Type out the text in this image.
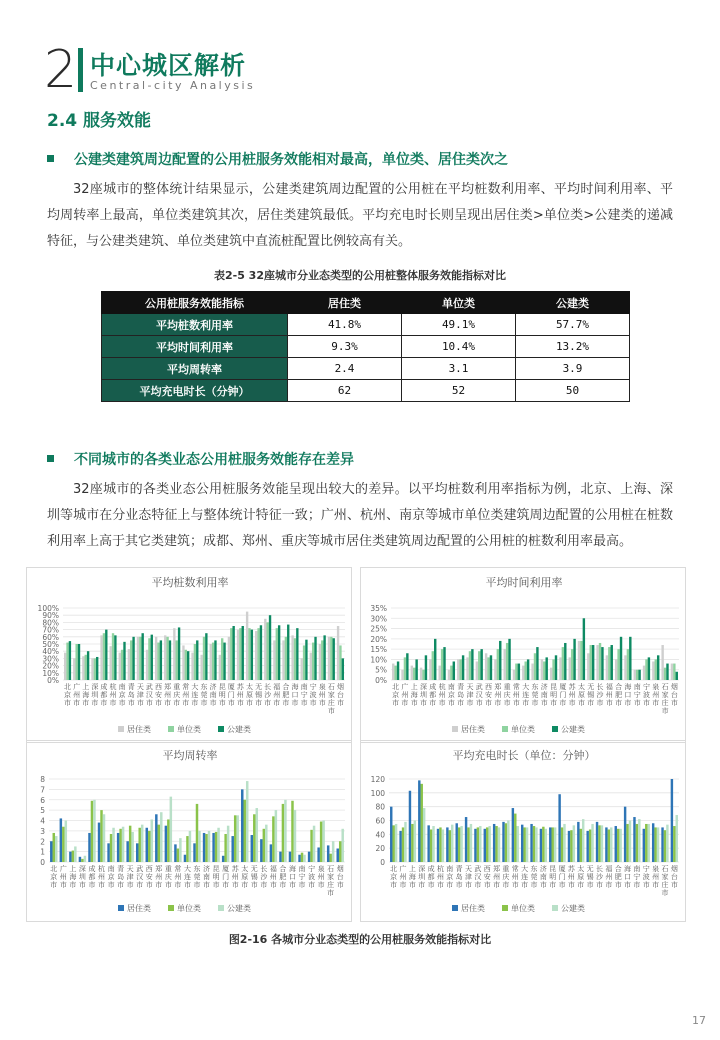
2 中心城区解析
Central-city Analysis
2.4 服务效能
公建类建筑周边配置的公用桩服务效能相对最高，单位类、居住类次之
32座城市的整体统计结果显示，公建类建筑周边配置的公用桩在平均桩数利用率、平均时间利用率、平均周转率上最高，单位类建筑其次，居住类建筑最低。平均充电时长则呈现出居住类>单位类>公建类的递减特征，与公建类建筑、单位类建筑中直流桩配置比例较高有关。
表2-5 32座城市分业态类型的公用桩整体服务效能指标对比
公用桩服务效能指标	居住类	单位类	公建类
平均桩数利用率	41.8%	49.1%	57.7%
平均时间利用率	9.3%	10.4%	13.2%
平均周转率	2.4	3.1	3.9
平均充电时长（分钟）	62	52	50
不同城市的各类业态公用桩服务效能存在差异
32座城市的各类业态公用桩服务效能呈现出较大的差异。以平均桩数利用率指标为例，北京、上海、深圳等城市在分业态特征上与整体统计特征一致；广州、杭州、南京等城市单位类建筑周边配置的公用桩在桩数利用率上高于其它类建筑；成都、郑州、重庆等城市居住类建筑周边配置的公用桩的桩数利用率最高。
平均桩数利用率
0%
10%
20%
30%
40%
50%
60%
70%
80%
90%
100%
北京市
广州市
上海市
深圳市
成都市
杭州市
南京市
青岛市
天津市
武汉市
西安市
郑州市
重庆市
常州市
大连市
东莞市
济南市
昆明市
厦门市
苏州市
太原市
无锡市
长沙市
福州市
合肥市
海口市
南宁市
宁波市
泉州市
石家庄市
烟台市
居住类	单位类	公建类
平均时间利用率
0%
5%
10%
15%
20%
25%
30%
35%
北京市
广州市
上海市
深圳市
成都市
杭州市
南京市
青岛市
天津市
武汉市
西安市
郑州市
重庆市
常州市
大连市
东莞市
济南市
昆明市
厦门市
苏州市
太原市
无锡市
长沙市
福州市
合肥市
海口市
南宁市
宁波市
泉州市
石家庄市
烟台市
居住类	单位类	公建类
平均周转率
0
1
2
3
4
5
6
7
8
北京市
广州市
上海市
深圳市
成都市
杭州市
南京市
青岛市
天津市
武汉市
西安市
郑州市
重庆市
常州市
大连市
东莞市
济南市
昆明市
厦门市
苏州市
太原市
无锡市
长沙市
福州市
合肥市
海口市
南宁市
宁波市
泉州市
石家庄市
烟台市
居住类	单位类	公建类
平均充电时长（单位：分钟）
0
20
40
60
80
100
120
北京市
广州市
上海市
深圳市
成都市
杭州市
南京市
青岛市
天津市
武汉市
西安市
郑州市
重庆市
常州市
大连市
东莞市
济南市
昆明市
厦门市
苏州市
太原市
无锡市
长沙市
福州市
合肥市
海口市
南宁市
宁波市
泉州市
石家庄市
烟台市
居住类	单位类	公建类
图2-16 各城市分业态类型的公用桩服务效能指标对比
17
